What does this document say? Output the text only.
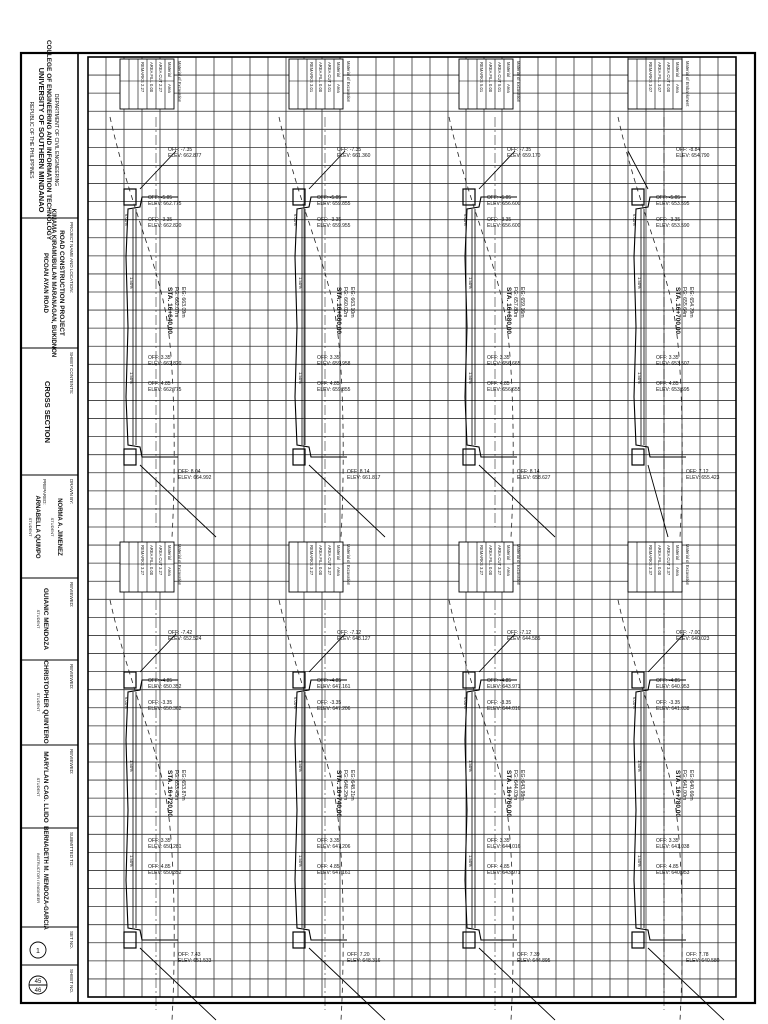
REPUBLIC OF THE PHILIPPINES UNIVERSITY OF SOUTHERN MINDANAO COLLEGE OF ENGINEERING AND INFORMATION TECHNOLOGY DEPARTMENT OF CIVIL ENGINEERING
PROJECT NAME AND LOCATION:
ROAD CONSTRUCTION PROJECT
KIMAMA KIRAMUBULAN MARANAGAN, BUKIDNON
PICOAN AYAN ROAD
SHEET CONTENTS:
CROSS SECTION
DRAWN BY:
NORMA A. JIMENEZ
STUDENT
PREPARED:
ARNABELLA QUIMPO
STUDENT
REVIEWED:
GUIANIC MENDOZA
STUDENT
REVIEWED:
CHRISTOPHER QUINTERO
STUDENT
REVIEWED:
MARYLAN CAG. LLIDO
STUDENT
SUBMITTED TO:
BERNADETH M. MENDOZA-GARCIA
INSTRUCTOR / ENGINEER
SET NO.
1
SHEET NO.
45
46
Material
Area
AREA CUT
2.27
AREA FILL
0.00
REMARKS
2.27	Material of Excavation
1.50%
1.50%
6.00%
STA. 16+640.00 FG: 662.07m EG: 663.09m
OFF: -7.35
ELEV: 662.877
OFF: -5.05
ELEV: 662.775
OFF: -3.35
ELEV: 662.820
OFF: 3.35
ELEV: 662.820
OFF: 4.85
ELEV: 662.775
OFF: 8.04
ELEV: 664.992
Material
Area
AREA CUT
3.01
AREA FILL
0.00
REMARKS
3.01	Material of Excavation
1.50%
1.50%
6.00%
STA. 16+660.00 FG: 660.02m EG: 663.10m
OFF: -7.35
ELEV: 661.360
OFF: -5.05
ELEV: 659.855
OFF: -3.35
ELEV: 659.955
OFF: 3.35
ELEV: 659.958
OFF: 4.85
ELEV: 659.855
OFF: 8.14
ELEV: 661.817
Material
Area
AREA CUT
5.01
AREA FILL
0.00
REMARKS
5.01	Material of Excavation
1.50%
1.50%
6.00%
STA. 16+680.00 FG: 657.80m EG: 659.16m
OFF: -7.35
ELEV: 659.170
OFF: -5.05
ELEV: 656.600
OFF: -3.35
ELEV: 656.600
OFF: 3.35
ELEV: 656.665
OFF: 4.85
ELEV: 656.655
OFF: 8.14
ELEV: 658.627
Material
Area
AREA CUT
0.00
AREA FILL
3.07
REMARKS
3.07	Material of Embankment
1.50%
1.50%
6.00%
STA. 16+700.00 FG: 655.64m EG: 654.79m
OFF: -8.84
ELEV: 654.790
OFF: -5.05
ELEV: 653.595
OFF: -3.35
ELEV: 653.590
OFF: 3.35
ELEV: 653.507
OFF: 4.85
ELEV: 653.595
OFF: 7.12
ELEV: 655.423
Material
Area
AREA CUT
3.27
AREA FILL
0.00
REMARKS
3.27	Material of Excavation
1.50%
1.50%
6.00%
STA. 16+720.00 FG: 653.45m EG: 653.87m
OFF: -7.42
ELEV: 652.524
OFF: -4.85
ELEV: 650.352
OFF: -3.35
ELEV: 650.362
OFF: 3.35
ELEV: 650.281
OFF: 4.85
ELEV: 650.352
OFF: 7.43
ELEV: 651.533
Material
Area
AREA CUT
3.27
AREA FILL
0.00
REMARKS
3.27	Material of Excavation
1.50%
1.50%
6.00%
STA. 16+740.00 FG: 648.29m EG: 648.21m
OFF: -7.12
ELEV: 648.127
OFF: -4.85
ELEV: 647.161
OFF: -3.35
ELEV: 647.206
OFF: 3.35
ELEV: 647.206
OFF: 4.85
ELEV: 647.161
OFF: 7.20
ELEV: 648.316
Material
Area
AREA CUT
3.27
AREA FILL
0.00
REMARKS
3.27	Material of Excavation
1.50%
1.50%
6.00%
STA. 16+760.00 FG: 644.03m EG: 643.98m
OFF: -7.12
ELEV: 644.585
OFF: -4.85
ELEV: 643.971
OFF: -3.35
ELEV: 644.016
OFF: 3.35
ELEV: 644.016
OFF: 4.85
ELEV: 643.971
OFF: 7.39
ELEV: 644.895
Material
Area
AREA CUT
3.37
AREA FILL
0.00
REMARKS
3.37	Material of Excavation
1.50%
1.50%
6.00%
STA. 16+780.00 FG: 641.00m EG: 640.66m
OFF: -7.00
ELEV: 640.023
OFF: -4.85
ELEV: 640.953
OFF: -3.35
ELEV: 641.038
OFF: 3.35
ELEV: 641.038
OFF: 4.85
ELEV: 640.953
OFF: 7.78
ELEV: 640.580
